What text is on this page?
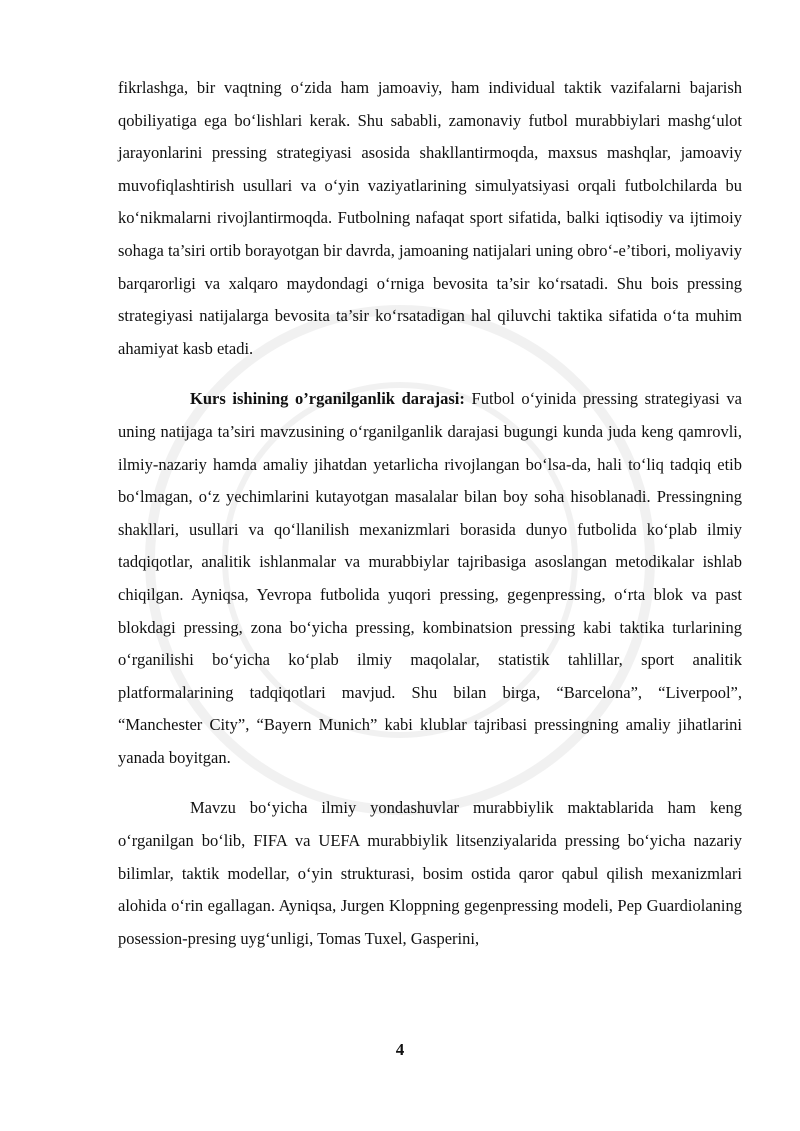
fikrlashga, bir vaqtning o‘zida ham jamoaviy, ham individual taktik vazifalarni bajarish qobiliyatiga ega bo‘lishlari kerak. Shu sababli, zamonaviy futbol murabbiylari mashg‘ulot jarayonlarini pressing strategiyasi asosida shakllantirmoqda, maxsus mashqlar, jamoaviy muvofiqlashtirish usullari va o‘yin vaziyatlarining simulyatsiyasi orqali futbolchilarda bu ko‘nikmalarni rivojlantirmoqda. Futbolning nafaqat sport sifatida, balki iqtisodiy va ijtimoiy sohaga ta’siri ortib borayotgan bir davrda, jamoaning natijalari uning obro‘-e’tibori, moliyaviy barqarorligi va xalqaro maydondagi o‘rniga bevosita ta’sir ko‘rsatadi. Shu bois pressing strategiyasi natijalarga bevosita ta’sir ko‘rsatadigan hal qiluvchi taktika sifatida o‘ta muhim ahamiyat kasb etadi.

Kurs ishining o’rganilganlik darajasi: Futbol o‘yinida pressing strategiyasi va uning natijaga ta’siri mavzusining o‘rganilganlik darajasi bugungi kunda juda keng qamrovli, ilmiy-nazariy hamda amaliy jihatdan yetarlicha rivojlangan bo‘lsa-da, hali to‘liq tadqiq etib bo‘lmagan, o‘z yechimlarini kutayotgan masalalar bilan boy soha hisoblanadi. Pressingning shakllari, usullari va qo‘llanilish mexanizmlari borasida dunyo futbolida ko‘plab ilmiy tadqiqotlar, analitik ishlanmalar va murabbiylar tajribasiga asoslangan metodikalar ishlab chiqilgan. Ayniqsa, Yevropa futbolida yuqori pressing, gegenpressing, o‘rta blok va past blokdagi pressing, zona bo‘yicha pressing, kombinatsion pressing kabi taktika turlarining o‘rganilishi bo‘yicha ko‘plab ilmiy maqolalar, statistik tahlillar, sport analitik platformalarining tadqiqotlari mavjud. Shu bilan birga, “Barcelona”, “Liverpool”, “Manchester City”, “Bayern Munich” kabi klublar tajribasi pressingning amaliy jihatlarini yanada boyitgan.

Mavzu bo‘yicha ilmiy yondashuvlar murabbiylik maktablarida ham keng o‘rganilgan bo‘lib, FIFA va UEFA murabbiylik litsenziyalarida pressing bo‘yicha nazariy bilimlar, taktik modellar, o‘yin strukturasi, bosim ostida qaror qabul qilish mexanizmlari alohida o‘rin egallagan. Ayniqsa, Jurgen Kloppning gegenpressing modeli, Pep Guardiolaning posession-presing uyg‘unligi, Tomas Tuxel, Gasperini,

4
